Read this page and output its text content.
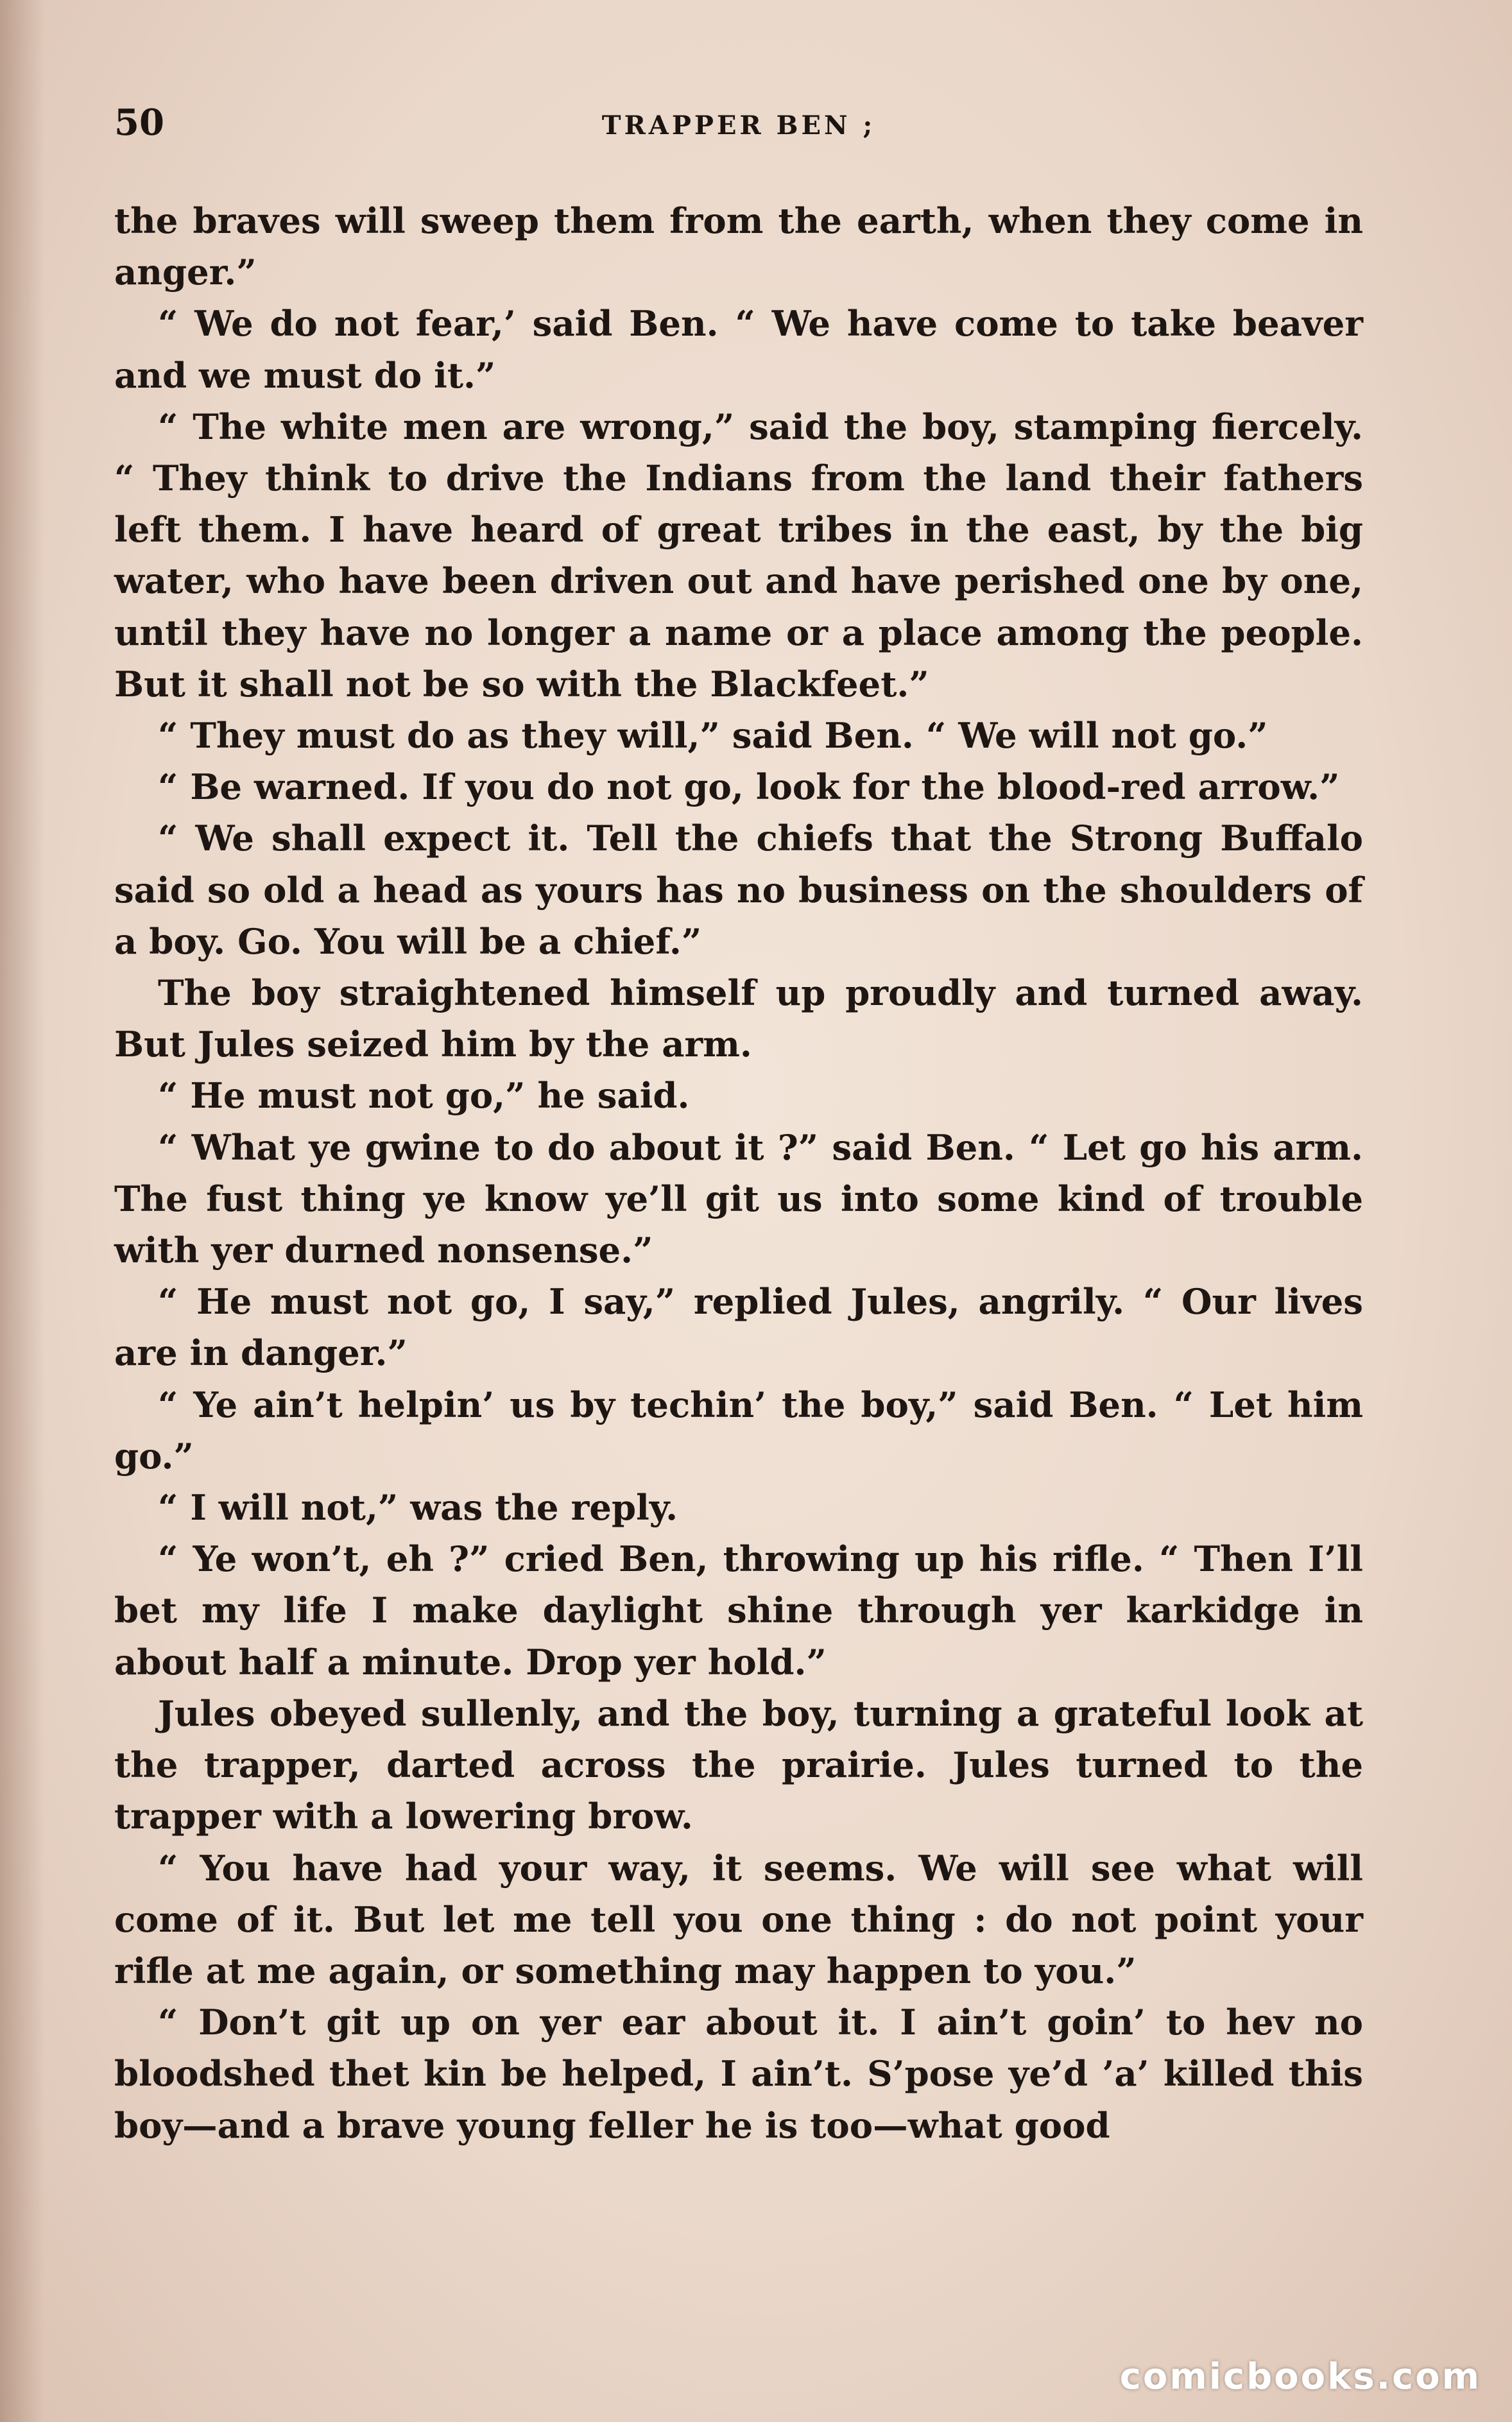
50	TRAPPER BEN ;

the braves will sweep them from the earth, when they come in anger.”

“ We do not fear,’ said Ben. “ We have come to take beaver and we must do it.”

“ The white men are wrong,” said the boy, stamping fiercely. “ They think to drive the Indians from the land their fathers left them. I have heard of great tribes in the east, by the big water, who have been driven out and have perished one by one, until they have no longer a name or a place among the people. But it shall not be so with the Blackfeet.”

“ They must do as they will,” said Ben. “ We will not go.”

“ Be warned. If you do not go, look for the blood-red arrow.”

“ We shall expect it. Tell the chiefs that the Strong Buffalo said so old a head as yours has no business on the shoulders of a boy. Go. You will be a chief.”

The boy straightened himself up proudly and turned away. But Jules seized him by the arm.

“ He must not go,” he said.

“ What ye gwine to do about it ?” said Ben. “ Let go his arm. The fust thing ye know ye’ll git us into some kind of trouble with yer durned nonsense.”

“ He must not go, I say,” replied Jules, angrily. “ Our lives are in danger.”

“ Ye ain’t helpin’ us by techin’ the boy,” said Ben. “ Let him go.”

“ I will not,” was the reply.

“ Ye won’t, eh ?” cried Ben, throwing up his rifle. “ Then I’ll bet my life I make daylight shine through yer karkidge in about half a minute. Drop yer hold.”

Jules obeyed sullenly, and the boy, turning a grateful look at the trapper, darted across the prairie. Jules turned to the trapper with a lowering brow.

“ You have had your way, it seems. We will see what will come of it. But let me tell you one thing : do not point your rifle at me again, or something may happen to you.”

“ Don’t git up on yer ear about it. I ain’t goin’ to hev no bloodshed thet kin be helped, I ain’t. S’pose ye’d ’a’ killed this boy—and a brave young feller he is too—what good

comicbooks.com
